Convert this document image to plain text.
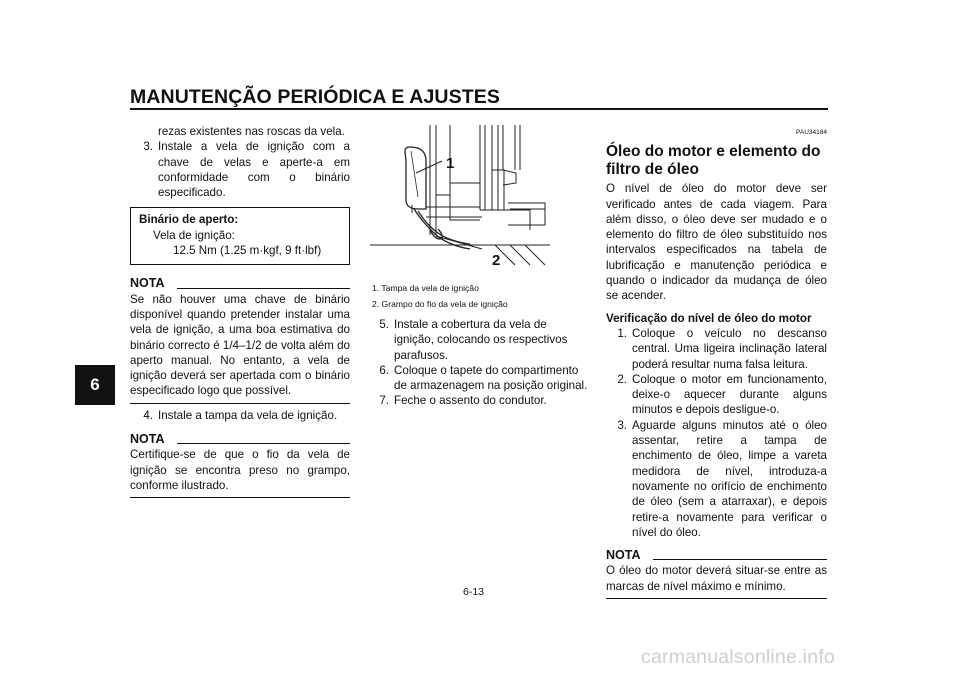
MANUTENÇÃO PERIÓDICA E AJUSTES
6
rezas existentes nas roscas da vela.
3. Instale a vela de ignição com a chave de velas e aperte-a em conformidade com o binário especificado.
Binário de aperto:
Vela de ignição:
12.5 Nm (1.25 m·kgf, 9 ft·lbf)
NOTA

Se não houver uma chave de binário disponível quando pretender instalar uma vela de ignição, a uma boa estimativa do binário correcto é 1/4–1/2 de volta além do aperto manual. No entanto, a vela de ignição deverá ser apertada com o binário especificado logo que possível.

4. Instale a tampa da vela de ignição.
NOTA

Certifique-se de que o fio da vela de ignição se encontra preso no grampo, conforme ilustrado.

1
2
1. Tampa da vela de ignição
2. Grampo do fio da vela de ignição
5. Instale a cobertura da vela de ignição, colocando os respectivos parafusos.
6. Coloque o tapete do compartimento de armazenagem na posição original.
7. Feche o assento do condutor.
PAU34184
Óleo do motor e elemento do filtro de óleo

O nível de óleo do motor deve ser verificado antes de cada viagem. Para além disso, o óleo deve ser mudado e o elemento do filtro de óleo substituído nos intervalos especificados na tabela de lubrificação e manutenção periódica e quando o indicador da mudança de óleo se acender.

Verificação do nível de óleo do motor
1. Coloque o veículo no descanso central. Uma ligeira inclinação lateral poderá resultar numa falsa leitura.
2. Coloque o motor em funcionamento, deixe-o aquecer durante alguns minutos e depois desligue-o.
3. Aguarde alguns minutos até o óleo assentar, retire a tampa de enchimento de óleo, limpe a vareta medidora de nível, introduza-a novamente no orifício de enchimento de óleo (sem a atarraxar), e depois retire-a novamente para verificar o nível do óleo.
NOTA

O óleo do motor deverá situar-se entre as marcas de nível máximo e mínimo.

6-13
carmanualsonline.info
